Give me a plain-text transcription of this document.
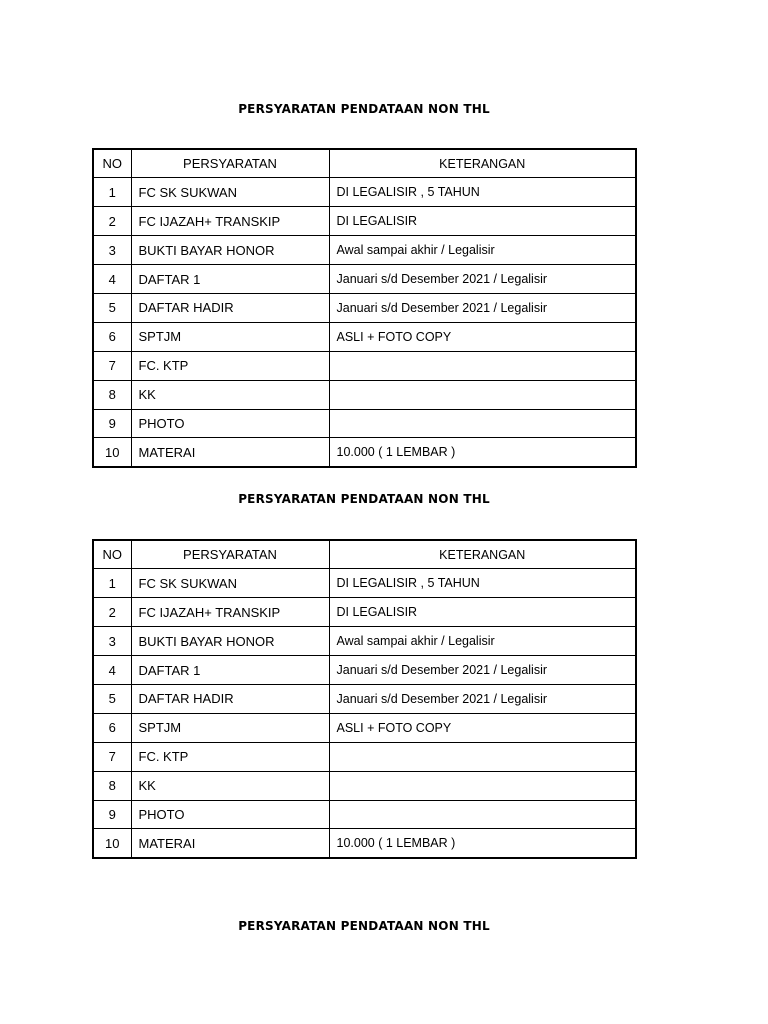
PERSYARATAN PENDATAAN NON THL
NO	PERSYARATAN	KETERANGAN
1	FC SK SUKWAN	DI LEGALISIR , 5 TAHUN
2	FC IJAZAH+ TRANSKIP	DI LEGALISIR
3	BUKTI BAYAR HONOR	Awal sampai akhir / Legalisir
4	DAFTAR 1	Januari s/d Desember 2021 / Legalisir
5	DAFTAR HADIR	Januari s/d Desember 2021 / Legalisir
6	SPTJM	ASLI + FOTO COPY
7	FC. KTP	
8	KK	
9	PHOTO	
10	MATERAI	10.000 ( 1 LEMBAR )
PERSYARATAN PENDATAAN NON THL
NO	PERSYARATAN	KETERANGAN
1	FC SK SUKWAN	DI LEGALISIR , 5 TAHUN
2	FC IJAZAH+ TRANSKIP	DI LEGALISIR
3	BUKTI BAYAR HONOR	Awal sampai akhir / Legalisir
4	DAFTAR 1	Januari s/d Desember 2021 / Legalisir
5	DAFTAR HADIR	Januari s/d Desember 2021 / Legalisir
6	SPTJM	ASLI + FOTO COPY
7	FC. KTP	
8	KK	
9	PHOTO	
10	MATERAI	10.000 ( 1 LEMBAR )
PERSYARATAN PENDATAAN NON THL
